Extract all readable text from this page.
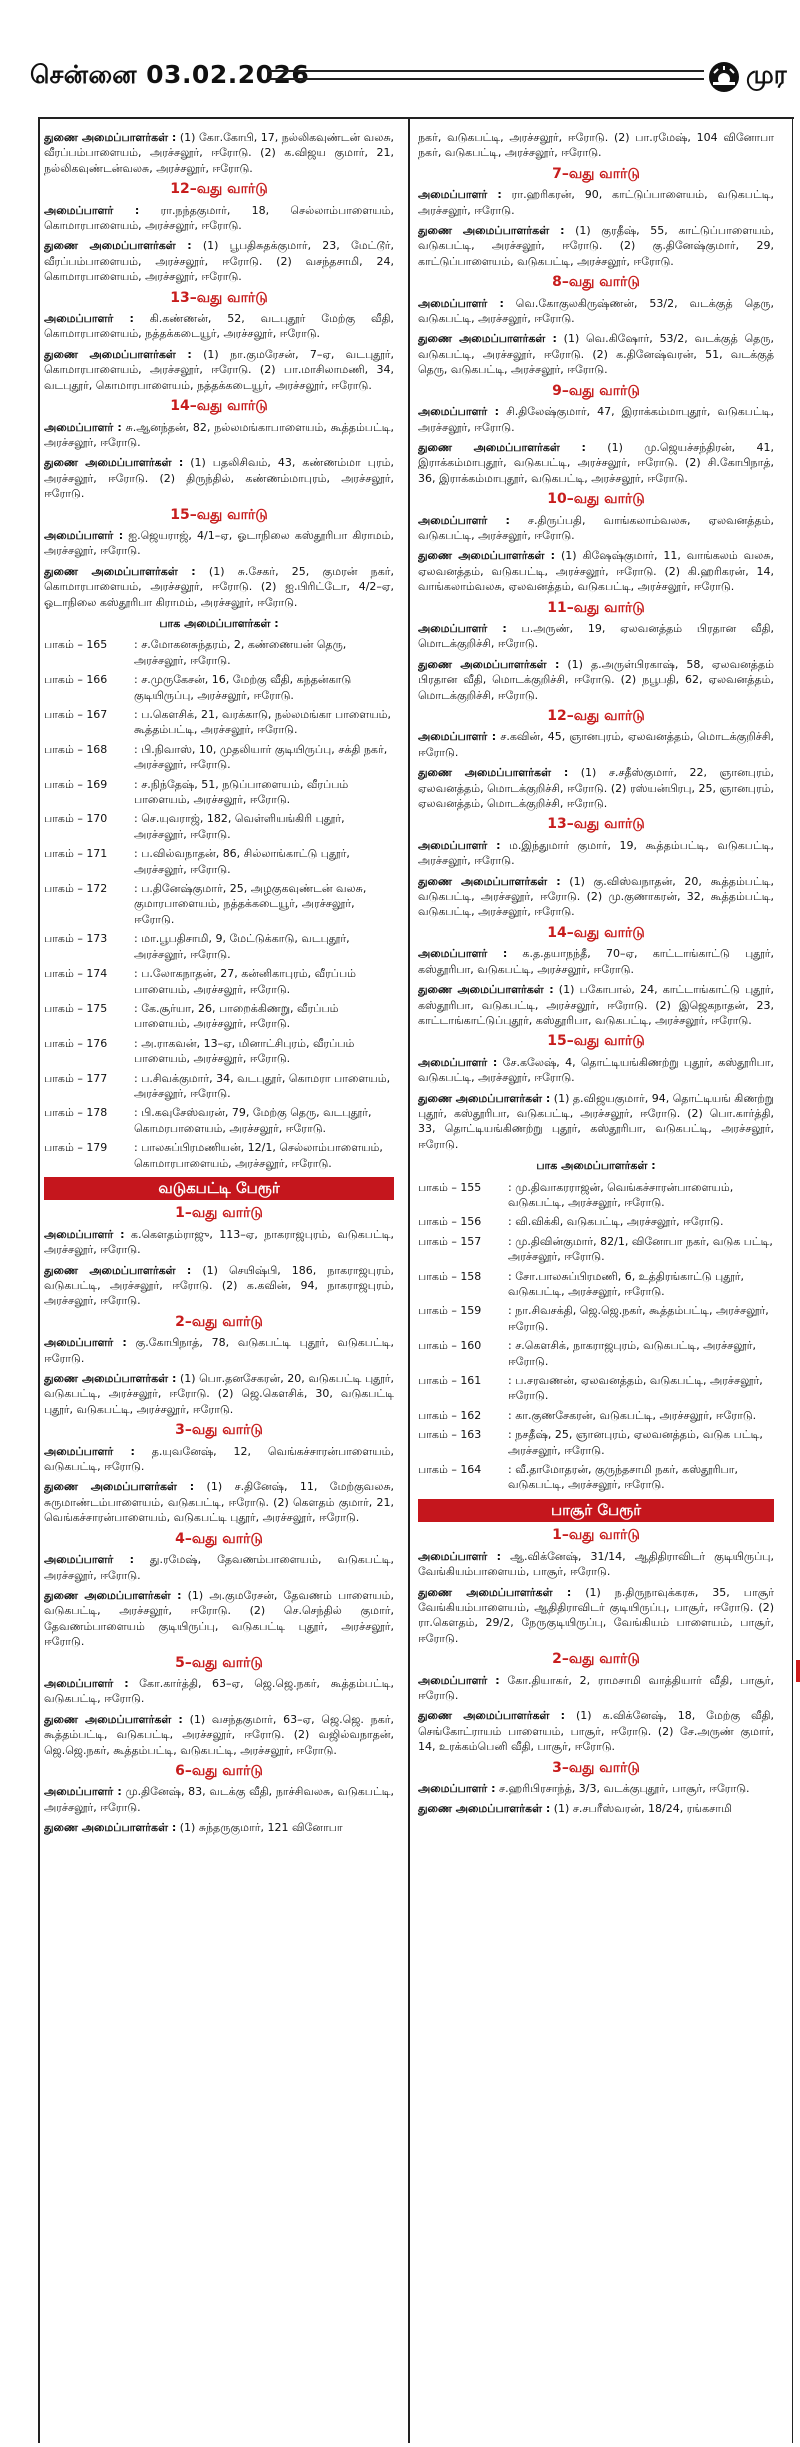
சென்னை 03.02.2026	முர
துணை அமைப்பாளர்கள் : (1) கோ.கோபி, 17, நல்லிகவுண்டன் வலசு, வீரப்பம்பாளையம், அரச்சலூர், ஈரோடு. (2) க.விஜய குமார், 21, நல்லிகவுண்டன்வலசு, அரச்சலூர், ஈரோடு.
12–வது வார்டு
அமைப்பாளர் : ரா.நந்தகுமார், 18, செல்லாம்பாளையம், கொமாரபாளையம், அரச்சலூர், ஈரோடு.
துணை அமைப்பாளர்கள் : (1) பூபதிசுதக்குமார், 23, மேட்டூர், வீரப்பம்பாளையம், அரச்சலூர், ஈரோடு. (2) வசந்தசாமி, 24, கொமாரபாளையம், அரச்சலூர், ஈரோடு.
13–வது வார்டு
அமைப்பாளர் : கி.கண்ணன், 52, வடபுதூர் மேற்கு வீதி, கொமாரபாளையம், நத்தக்கடையூர், அரச்சலூர், ஈரோடு.
துணை அமைப்பாளர்கள் : (1) நா.குமரேசன், 7–ஏ, வடபுதூர், கொமாரபாளையம், அரச்சலூர், ஈரோடு. (2) பா.மாசிலாமணி, 34, வடபுதூர், கொமாரபாளையம், நத்தக்கடையூர், அரச்சலூர், ஈரோடு.
14–வது வார்டு
அமைப்பாளர் : சு.ஆனந்தன், 82, நல்லமங்காபாளையம், கூத்தம்பட்டி, அரச்சலூர், ஈரோடு.
துணை அமைப்பாளர்கள் : (1) பதலிசிவம், 43, கண்ணம்மா புரம், அரச்சலூர், ஈரோடு. (2) திருந்தில், கண்ணம்மாபுரம், அரச்சலூர், ஈரோடு.
15–வது வார்டு
அமைப்பாளர் : ஐ.ஜெயராஜ், 4/1–ஏ, ஓடாநிலை கஸ்தூரிபா கிராமம், அரச்சலூர், ஈரோடு.
துணை அமைப்பாளர்கள் : (1) சு.சேகர், 25, குமரன் நகர், கொமாரபாளையம், அரச்சலூர், ஈரோடு. (2) ஐ.பிரிட்டோ, 4/2–ஏ, ஓடாநிலை கஸ்தூரிபா கிராமம், அரச்சலூர், ஈரோடு.
பாக அமைப்பாளர்கள் :
பாகம் – 165	: ச.மோகனசுந்தரம், 2, கண்ணையன் தெரு, அரச்சலூர், ஈரோடு.
பாகம் – 166	: ச.முருகேசன், 16, மேற்கு வீதி, கந்தன்காடு குடியிருப்பு, அரச்சலூர், ஈரோடு.
பாகம் – 167	: ப.கௌசிக், 21, வரக்காடு, நல்லமங்கா பாளையம், கூத்தம்பட்டி, அரச்சலூர், ஈரோடு.
பாகம் – 168	: பி.நிவாஸ், 10, முதலியார் குடியிருப்பு, சக்தி நகர், அரச்சலூர், ஈரோடு.
பாகம் – 169	: ச.நிந்தேஷ், 51, நடுப்பாளையம், வீரப்பம் பாளையம், அரச்சலூர், ஈரோடு.
பாகம் – 170	: செ.யுவராஜ், 182, வெள்ளியங்கிரி புதூர், அரச்சலூர், ஈரோடு.
பாகம் – 171	: ப.வில்வநாதன், 86, சில்லாங்காட்டு புதூர், அரச்சலூர், ஈரோடு.
பாகம் – 172	: ப.தினேஷ்குமார், 25, அழகுகவுண்டன் வலசு, குமாரபாளையம், நத்தக்கடையூர், அரச்சலூர், ஈரோடு.
பாகம் – 173	: மா.பூபதிசாமி, 9, மேட்டுக்காடு, வடபுதூர், அரச்சலூர், ஈரோடு.
பாகம் – 174	: ப.லோகநாதன், 27, கன்னிகாபுரம், வீரப்பம் பாளையம், அரச்சலூர், ஈரோடு.
பாகம் – 175	: கே.சூர்யா, 26, பாறைக்கிணறு, வீரப்பம் பாளையம், அரச்சலூர், ஈரோடு.
பாகம் – 176	: அ.ராகவன், 13–ஏ, மினாட்சிபுரம், வீரப்பம் பாளையம், அரச்சலூர், ஈரோடு.
பாகம் – 177	: ப.சிவக்குமார், 34, வடபுதூர், கொமரா பாளையம், அரச்சலூர், ஈரோடு.
பாகம் – 178	: பி.கவுசேஸ்வரன், 79, மேற்கு தெரு, வடபுதூர், கொமரபாளையம், அரச்சலூர், ஈரோடு.
பாகம் – 179	: பாலசுப்பிரமணியன், 12/1, செல்லாம்பாளையம், கொமாரபாளையம், அரச்சலூர், ஈரோடு.
வடுகபட்டி பேரூர்
1–வது வார்டு
அமைப்பாளர் : க.கௌதம்ராஜு, 113–ஏ, நாகராஜபுரம், வடுகபட்டி, அரச்சலூர், ஈரோடு.
துணை அமைப்பாளர்கள் : (1) செயிஷ்பி, 186, நாகராஜபுரம், வடுகபட்டி, அரச்சலூர், ஈரோடு. (2) க.கவின், 94, நாகராஜபுரம், அரச்சலூர், ஈரோடு.
2–வது வார்டு
அமைப்பாளர் : கு.கோபிநாத், 78, வடுகபட்டி புதூர், வடுகபட்டி, ஈரோடு.
துணை அமைப்பாளர்கள் : (1) பொ.தனசேகரன், 20, வடுகபட்டி புதூர், வடுகபட்டி, அரச்சலூர், ஈரோடு. (2) ஜெ.கௌசிக், 30, வடுகபட்டி புதூர், வடுகபட்டி, அரச்சலூர், ஈரோடு.
3–வது வார்டு
அமைப்பாளர் : த.யுவனேஷ், 12, வெங்கச்சாரன்பாளையம், வடுகபட்டி, ஈரோடு.
துணை அமைப்பாளர்கள் : (1) ச.தினேஷ், 11, மேற்குவலசு, சுருமாண்டம்பாளையம், வடுகபட்டி, ஈரோடு. (2) கௌதம் குமார், 21, வெங்கச்சாரன்பாளையம், வடுகபட்டி புதூர், அரச்சலூர், ஈரோடு.
4–வது வார்டு
அமைப்பாளர் : து.ரமேஷ், தேவணம்பாளையம், வடுகபட்டி, அரச்சலூர், ஈரோடு.
துணை அமைப்பாளர்கள் : (1) அ.குமரேசன், தேவணம் பாளையம், வடுகபட்டி, அரச்சலூர், ஈரோடு. (2) செ.செந்தில் குமார், தேவணம்பாளையம் குடியிருப்பு, வடுகபட்டி புதூர், அரச்சலூர், ஈரோடு.
5–வது வார்டு
அமைப்பாளர் : கோ.கார்த்தி, 63–ஏ, ஜெ.ஜெ.நகர், கூத்தம்பட்டி, வடுகபட்டி, ஈரோடு.
துணை அமைப்பாளர்கள் : (1) வசந்தகுமார், 63–ஏ, ஜெ.ஜெ. நகர், கூத்தம்பட்டி, வடுகபட்டி, அரச்சலூர், ஈரோடு. (2) வஜில்வநாதன், ஜெ.ஜெ.நகர், கூத்தம்பட்டி, வடுகபட்டி, அரச்சலூர், ஈரோடு.
6–வது வார்டு
அமைப்பாளர் : மு.தினேஷ், 83, வடக்கு வீதி, நாச்சிவலசு, வடுகபட்டி, அரச்சலூர், ஈரோடு.
துணை அமைப்பாளர்கள் : (1) சுந்தருகுமார், 121 வினோபா
நகர், வடுகபட்டி, அரச்சலூர், ஈரோடு. (2) பா.ரமேஷ், 104 வினோபா நகர், வடுகபட்டி, அரச்சலூர், ஈரோடு.
7–வது வார்டு
அமைப்பாளர் : ரா.ஹரிகரன், 90, காட்டுப்பாளையம், வடுகபட்டி, அரச்சலூர், ஈரோடு.
துணை அமைப்பாளர்கள் : (1) குரதீஷ், 55, காட்டுப்பாளையம், வடுகபட்டி, அரச்சலூர், ஈரோடு. (2) கு.தினேஷ்குமார், 29, காட்டுப்பாளையம், வடுகபட்டி, அரச்சலூர், ஈரோடு.
8–வது வார்டு
அமைப்பாளர் : வெ.கோகுலகிருஷ்ணன், 53/2, வடக்குத் தெரு, வடுகபட்டி, அரச்சலூர், ஈரோடு.
துணை அமைப்பாளர்கள் : (1) வெ.கிஷோர், 53/2, வடக்குத் தெரு, வடுகபட்டி, அரச்சலூர், ஈரோடு. (2) க.தினேஷ்வரன், 51, வடக்குத் தெரு, வடுகபட்டி, அரச்சலூர், ஈரோடு.
9–வது வார்டு
அமைப்பாளர் : சி.திலேஷ்குமார், 47, இராக்கம்மாபுதூர், வடுகபட்டி, அரச்சலூர், ஈரோடு.
துணை அமைப்பாளர்கள் : (1) மு.ஜெயச்சந்திரன், 41, இராக்கம்மாபுதூர், வடுகபட்டி, அரச்சலூர், ஈரோடு. (2) சி.கோபிநாத், 36, இராக்கம்மாபுதூர், வடுகபட்டி, அரச்சலூர், ஈரோடு.
10–வது வார்டு
அமைப்பாளர் : ச.திருப்பதி, வாங்கலாம்வலசு, ஏலவனத்தம், வடுகபட்டி, அரச்சலூர், ஈரோடு.
துணை அமைப்பாளர்கள் : (1) கிஷேஷ்குமார், 11, வாங்கலம் வலசு, ஏலவனத்தம், வடுகபட்டி, அரச்சலூர், ஈரோடு. (2) கி.ஹரிகரன், 14, வாங்கலாம்வலசு, ஏலவனத்தம், வடுகபட்டி, அரச்சலூர், ஈரோடு.
11–வது வார்டு
அமைப்பாளர் : ப.அருண், 19, ஏலவனத்தம் பிரதான வீதி, மொடக்குறிச்சி, ஈரோடு.
துணை அமைப்பாளர்கள் : (1) த.அருள்பிரகாஷ், 58, ஏலவனத்தம் பிரதான வீதி, மொடக்குறிச்சி, ஈரோடு. (2) நபூபதி, 62, ஏலவனத்தம், மொடக்குறிச்சி, ஈரோடு.
12–வது வார்டு
அமைப்பாளர் : ச.கவின், 45, ஞானபுரம், ஏலவனத்தம், மொடக்குறிச்சி, ஈரோடு.
துணை அமைப்பாளர்கள் : (1) ச.சதீஸ்குமார், 22, ஞானபுரம், ஏலவனத்தம், மொடக்குறிச்சி, ஈரோடு. (2) ரஸ்யன்பிரபு, 25, ஞானபுரம், ஏலவனத்தம், மொடக்குறிச்சி, ஈரோடு.
13–வது வார்டு
அமைப்பாளர் : ம.இந்துமார் குமார், 19, கூத்தம்பட்டி, வடுகபட்டி, அரச்சலூர், ஈரோடு.
துணை அமைப்பாளர்கள் : (1) கு.விஸ்வநாதன், 20, கூத்தம்பட்டி, வடுகபட்டி, அரச்சலூர், ஈரோடு. (2) மு.குணாகரன், 32, கூத்தம்பட்டி, வடுகபட்டி, அரச்சலூர், ஈரோடு.
14–வது வார்டு
அமைப்பாளர் : க.த.தயாநந்தீ, 70–ஏ, காட்டாங்காட்டு புதூர், கஸ்தூரிபா, வடுகபட்டி, அரச்சலூர், ஈரோடு.
துணை அமைப்பாளர்கள் : (1) பகோபால், 24, காட்டாங்காட்டு புதூர், கஸ்தூரிபா, வடுகபட்டி, அரச்சலூர், ஈரோடு. (2) இஜெகநாதன், 23, காட்டாங்காட்டுப்புதூர், கஸ்தூரிபா, வடுகபட்டி, அரச்சலூர், ஈரோடு.
15–வது வார்டு
அமைப்பாளர் : சே.கலேஷ், 4, தொட்டியங்கிணற்று புதூர், கஸ்தூரிபா, வடுகபட்டி, அரச்சலூர், ஈரோடு.
துணை அமைப்பாளர்கள் : (1) த.விஜயகுமார், 94, தொட்டியங் கிணற்று புதூர், கஸ்தூரிபா, வடுகபட்டி, அரச்சலூர், ஈரோடு. (2) பொ.கார்த்தி, 33, தொட்டியங்கிணற்று புதூர், கஸ்தூரிபா, வடுகபட்டி, அரச்சலூர், ஈரோடு.
பாக அமைப்பாளர்கள் :
பாகம் – 155	: மு.திவாகரராஜன், வெங்கச்சாரன்பாளையம், வடுகபட்டி, அரச்சலூர், ஈரோடு.
பாகம் – 156	: வி.விக்கி, வடுகபட்டி, அரச்சலூர், ஈரோடு.
பாகம் – 157	: மு.திவின்குமார், 82/1, வினோபா நகர், வடுக பட்டி, அரச்சலூர், ஈரோடு.
பாகம் – 158	: சோ.பாலசுப்பிரமணி, 6, உத்திரங்காட்டு புதூர், வடுகபட்டி, அரச்சலூர், ஈரோடு.
பாகம் – 159	: நா.சிவசக்தி, ஜெ.ஜெ.நகர், கூத்தம்பட்டி, அரச்சலூர், ஈரோடு.
பாகம் – 160	: ச.கௌசிக், நாகராஜபுரம், வடுகபட்டி, அரச்சலூர், ஈரோடு.
பாகம் – 161	: ப.சரவணன், ஏலவனத்தம், வடுகபட்டி, அரச்சலூர், ஈரோடு.
பாகம் – 162	: கா.குணசேகரன், வடுகபட்டி, அரச்சலூர், ஈரோடு.
பாகம் – 163	: நசதீஷ், 25, ஞானபுரம், ஏலவனத்தம், வடுக பட்டி, அரச்சலூர், ஈரோடு.
பாகம் – 164	: வீ.தாமோதரன், குருந்தசாமி நகர், கஸ்தூரிபா, வடுகபட்டி, அரச்சலூர், ஈரோடு.
பாசூர் பேரூர்
1–வது வார்டு
அமைப்பாளர் : ஆ.விக்னேஷ், 31/14, ஆதிதிராவிடர் குடியிருப்பு, வேங்கியம்பாளையம், பாசூர், ஈரோடு.
துணை அமைப்பாளர்கள் : (1) ந.திருநாவுக்கரசு, 35, பாசூர் வேங்கியம்பாளையம், ஆதிதிராவிடர் குடியிருப்பு, பாசூர், ஈரோடு. (2) ரா.கௌதம், 29/2, நேருகுடியிருப்பு, வேங்கியம் பாளையம், பாசூர், ஈரோடு.
2–வது வார்டு
அமைப்பாளர் : கோ.தியாகர், 2, ராமசாமி வாத்தியார் வீதி, பாசூர், ஈரோடு.
துணை அமைப்பாளர்கள் : (1) க.விக்னேஷ், 18, மேற்கு வீதி, செங்கோட்ராயம் பாளையம், பாசூர், ஈரோடு. (2) சே.அருண் குமார், 14, உரக்கம்பெனி வீதி, பாசூர், ஈரோடு.
3–வது வார்டு
அமைப்பாளர் : ச.ஹரிபிரசாந்த், 3/3, வடக்குபுதூர், பாசூர், ஈரோடு.
துணை அமைப்பாளர்கள் : (1) ச.சபரீஸ்வரன், 18/24, ரங்கசாமி
